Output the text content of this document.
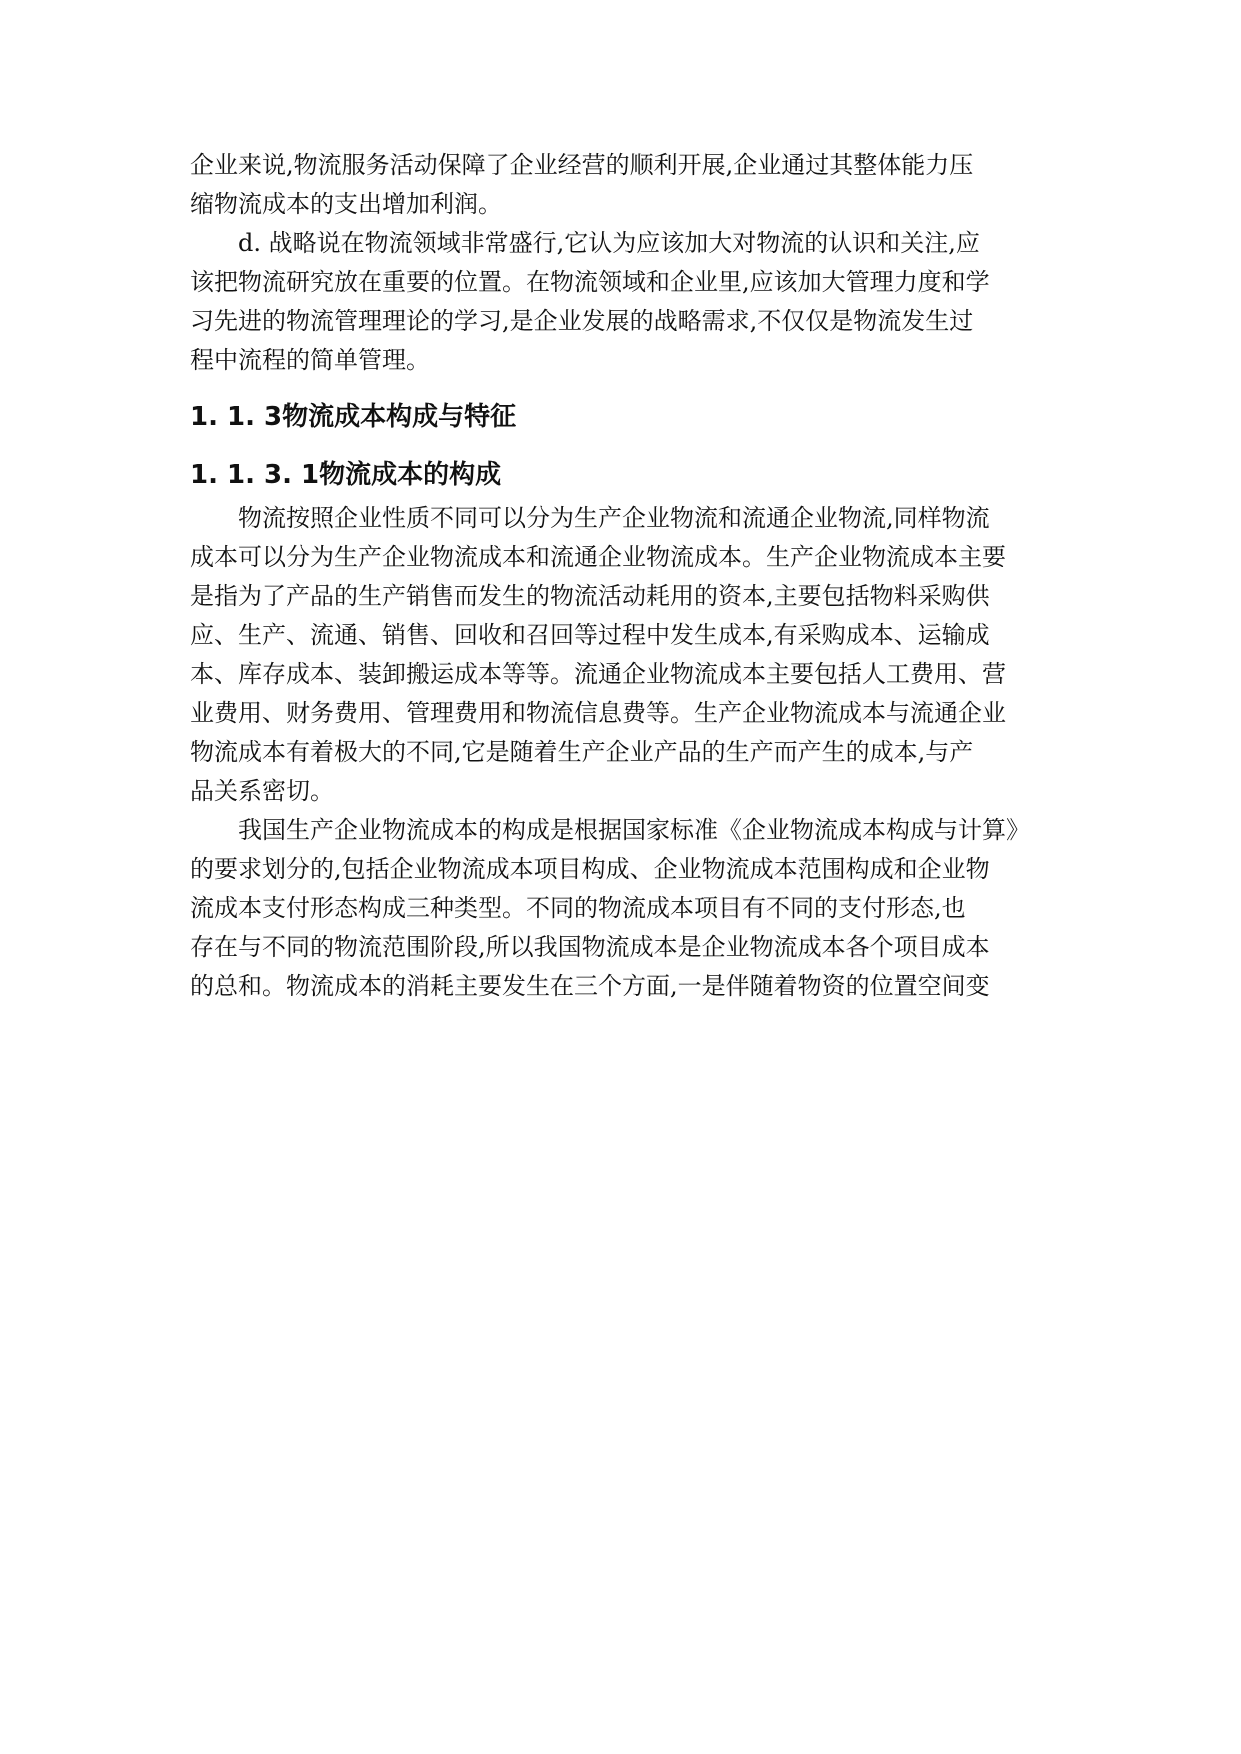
企业来说,物流服务活动保障了企业经营的顺利开展,企业通过其整体能力压
缩物流成本的支出增加利润。
d. 战略说在物流领域非常盛行,它认为应该加大对物流的认识和关注,应
该把物流研究放在重要的位置。在物流领域和企业里,应该加大管理力度和学
习先进的物流管理理论的学习,是企业发展的战略需求,不仅仅是物流发生过
程中流程的简单管理。
1. 1. 3物流成本构成与特征
1. 1. 3. 1物流成本的构成
物流按照企业性质不同可以分为生产企业物流和流通企业物流,同样物流
成本可以分为生产企业物流成本和流通企业物流成本。生产企业物流成本主要
是指为了产品的生产销售而发生的物流活动耗用的资本,主要包括物料采购供
应、生产、流通、销售、回收和召回等过程中发生成本,有采购成本、运输成
本、库存成本、装卸搬运成本等等。流通企业物流成本主要包括人工费用、营
业费用、财务费用、管理费用和物流信息费等。生产企业物流成本与流通企业
物流成本有着极大的不同,它是随着生产企业产品的生产而产生的成本,与产
品关系密切。
我国生产企业物流成本的构成是根据国家标准《企业物流成本构成与计算》
的要求划分的,包括企业物流成本项目构成、企业物流成本范围构成和企业物
流成本支付形态构成三种类型。不同的物流成本项目有不同的支付形态,也
存在与不同的物流范围阶段,所以我国物流成本是企业物流成本各个项目成本
的总和。物流成本的消耗主要发生在三个方面,一是伴随着物资的位置空间变
